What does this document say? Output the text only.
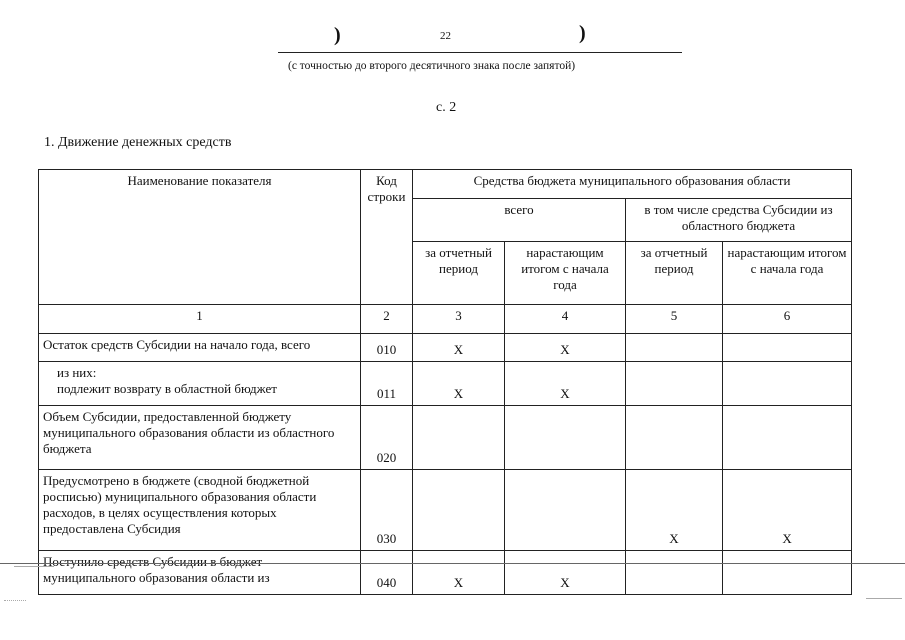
)	22	)
(с точностью до второго десятичного знака после запятой)
с. 2
1. Движение денежных средств
Наименование показателя	Код строки	Средства бюджета муниципального образования области			
		всего		в том числе средства Субсидии из областного бюджета	
		за отчетный период	нарастающим итогом с начала года	за отчетный период	нарастающим итогом с начала года
1	2	3	4	5	6
Остаток средств Субсидии на начало года, всего	010	X	X		

из них:
подлежит возврату в областной бюджет	011	X	X		
Объем Субсидии, предоставленной бюджету муниципального образования области из областного бюджета	020				
Предусмотрено в бюджете (сводной бюджетной росписью) муниципального образования области расходов, в целях осуществления которых предоставлена Субсидия	030			X	X
Поступило средств Субсидии в бюджет муниципального образования области из	040	X	X		
